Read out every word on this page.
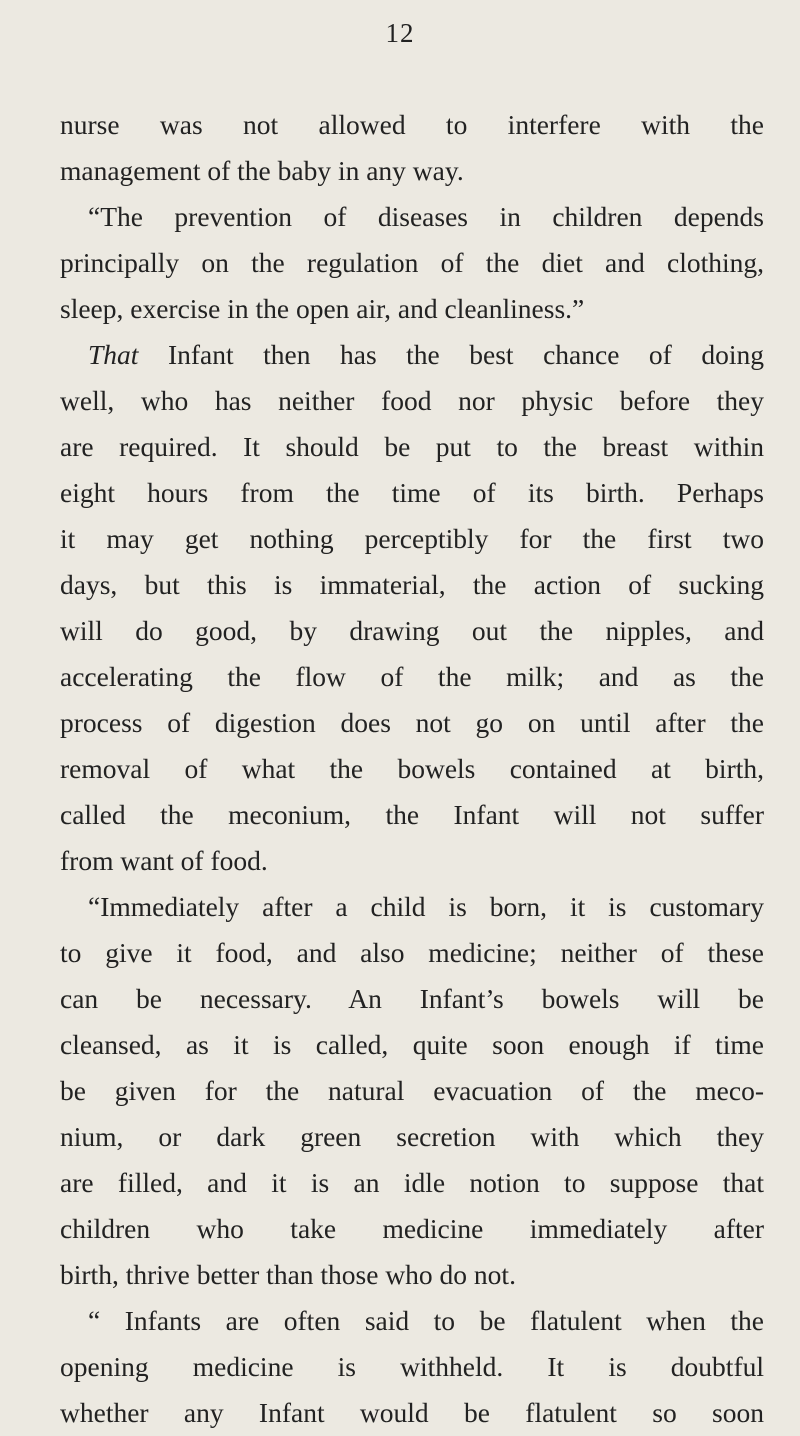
12
nurse was not allowed to interfere with the
management of the baby in any way.
“The prevention of diseases in children depends
principally on the regulation of the diet and clothing,
sleep, exercise in the open air, and cleanliness.”
That Infant then has the best chance of doing
well, who has neither food nor physic before they
are required. It should be put to the breast within
eight hours from the time of its birth. Perhaps
it may get nothing perceptibly for the first two
days, but this is immaterial, the action of sucking
will do good, by drawing out the nipples, and
accelerating the flow of the milk; and as the
process of digestion does not go on until after the
removal of what the bowels contained at birth,
called the meconium, the Infant will not suffer
from want of food.
“Immediately after a child is born, it is customary
to give it food, and also medicine; neither of these
can be necessary. An Infant’s bowels will be
cleansed, as it is called, quite soon enough if time
be given for the natural evacuation of the meco-
nium, or dark green secretion with which they
are filled, and it is an idle notion to suppose that
children who take medicine immediately after
birth, thrive better than those who do not.
“ Infants are often said to be flatulent when the
opening medicine is withheld. It is doubtful
whether any Infant would be flatulent so soon
